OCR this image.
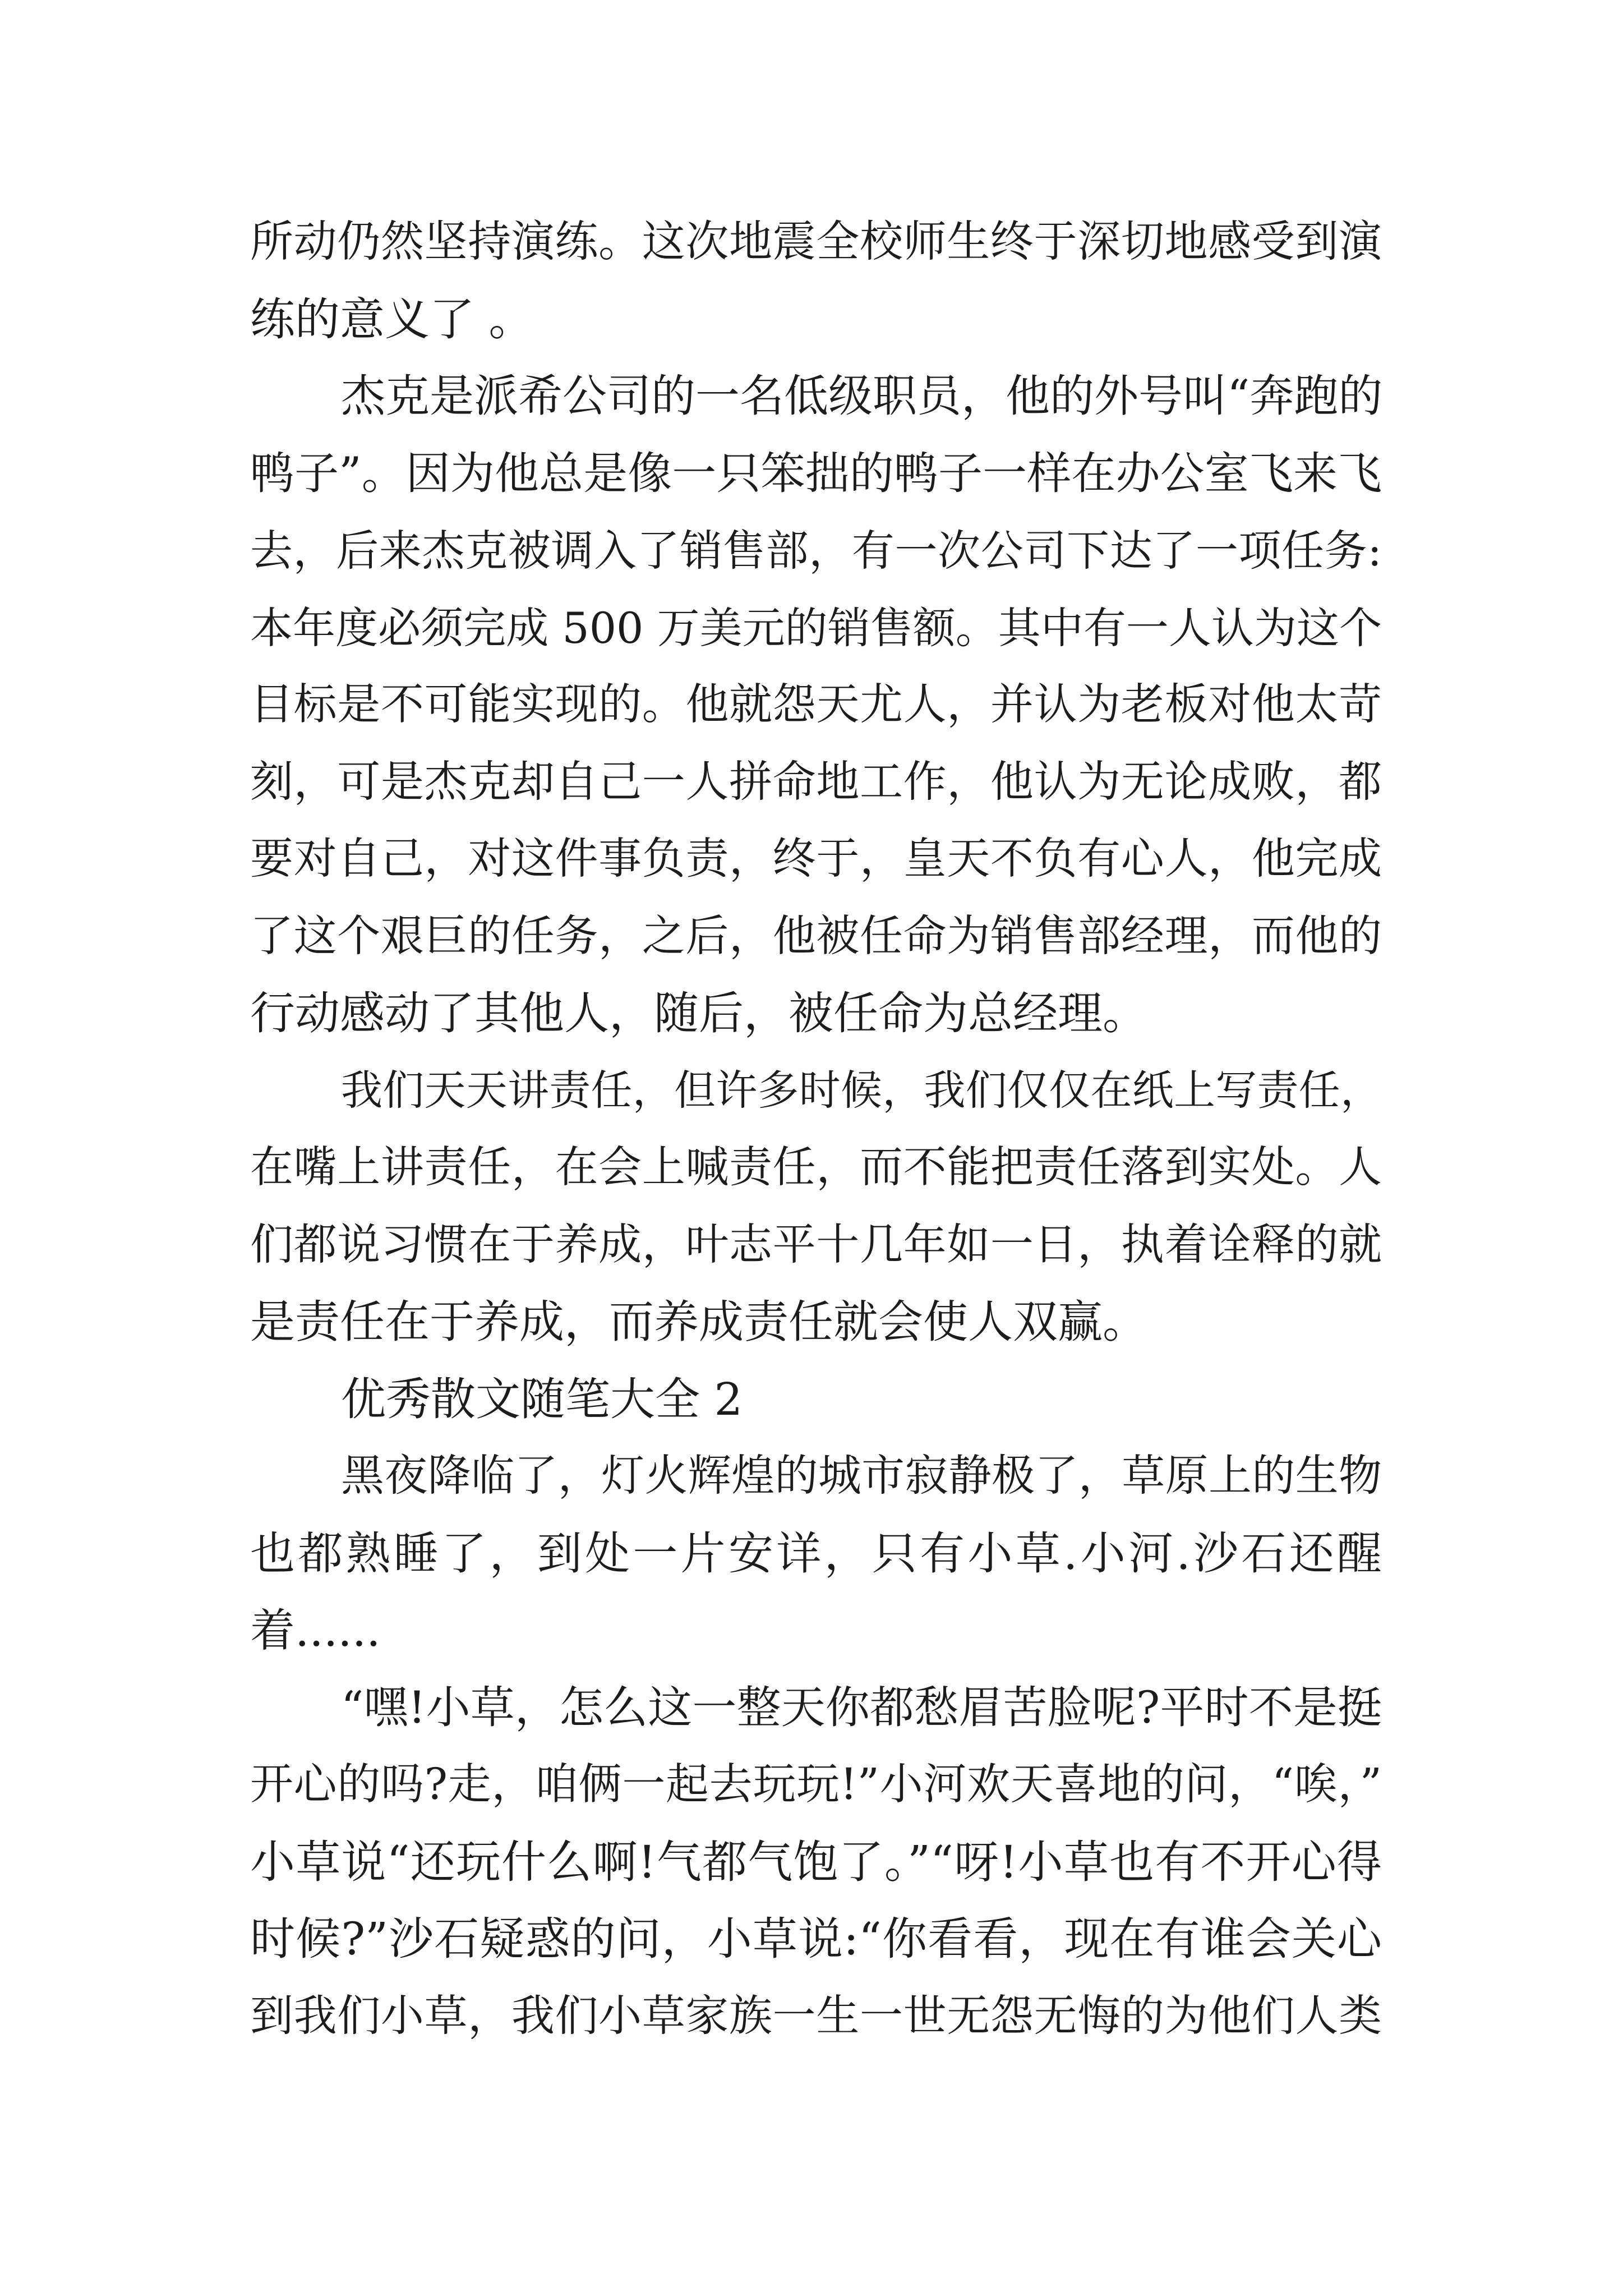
所动仍然坚持演练。这次地震全校师生终于深切地感受到演
练的意义了 。
杰克是派希公司的一名低级职员，他的外号叫“奔跑的
鸭子”。因为他总是像一只笨拙的鸭子一样在办公室飞来飞
去，后来杰克被调入了销售部，有一次公司下达了一项任务:
本年度必须完成 500 万美元的销售额。其中有一人认为这个
目标是不可能实现的。他就怨天尤人，并认为老板对他太苛
刻，可是杰克却自己一人拼命地工作，他认为无论成败，都
要对自己，对这件事负责，终于，皇天不负有心人，他完成
了这个艰巨的任务，之后，他被任命为销售部经理，而他的
行动感动了其他人，随后，被任命为总经理。
我们天天讲责任，但许多时候，我们仅仅在纸上写责任，
在嘴上讲责任，在会上喊责任，而不能把责任落到实处。人
们都说习惯在于养成，叶志平十几年如一日，执着诠释的就
是责任在于养成，而养成责任就会使人双赢。
优秀散文随笔大全 2
黑夜降临了，灯火辉煌的城市寂静极了，草原上的生物
也都熟睡了，到处一片安详，只有小草.小河.沙石还醒
着......
“嘿!小草，怎么这一整天你都愁眉苦脸呢?平时不是挺
开心的吗?走，咱俩一起去玩玩!”小河欢天喜地的问，“唉，”
小草说“还玩什么啊!气都气饱了。”“呀!小草也有不开心得
时候?”沙石疑惑的问，小草说:“你看看，现在有谁会关心
到我们小草，我们小草家族一生一世无怨无悔的为他们人类
